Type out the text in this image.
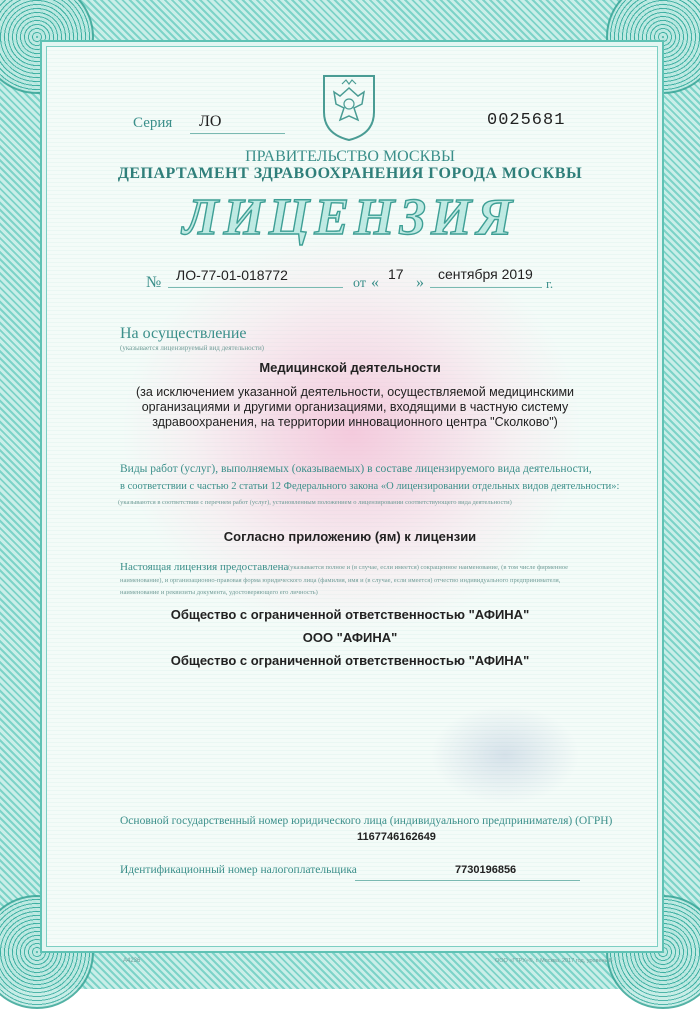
Серия ЛО	0025681
ПРАВИТЕЛЬСТВО МОСКВЫ
ДЕПАРТАМЕНТ ЗДРАВООХРАНЕНИЯ ГОРОДА МОСКВЫ
ЛИЦЕНЗИЯ
№ ЛО-77-01-018772
от « 17 » сентября 2019
г.
На осуществление
(указывается лицензируемый вид деятельности)
Медицинской деятельности
(за исключением указанной деятельности, осуществляемой медицинскими организациями и другими организациями, входящими в частную систему здравоохранения, на территории инновационного центра "Сколково")
Виды работ (услуг), выполняемых (оказываемых) в составе лицензируемого вида деятельности,
в соответствии с частью 2 статьи 12 Федерального закона «О лицензировании отдельных видов деятельности»:
(указываются в соответствии с перечнем работ (услуг), установленным положением о лицензировании соответствующего вида деятельности)
Согласно приложению (ям) к лицензии
Настоящая лицензия предоставлена (указывается полное и (в случае, если имеется) сокращенное наименование, (в том числе фирменное
наименование), и организационно-правовая форма юридического лица (фамилия, имя и (в случае, если имеется) отчество индивидуального предпринимателя,
наименование и реквизиты документа, удостоверяющего его личность)
Общество с ограниченной ответственностью "АФИНА"
ООО "АФИНА"
Общество с ограниченной ответственностью "АФИНА"
Основной государственный номер юридического лица (индивидуального предпринимателя) (ОГРН)
1167746162649
Идентификационный номер налогоплательщика	7730196856
А4236	ООО «ГТРУ»®, г. Москва, 2017 год, уровень Б
